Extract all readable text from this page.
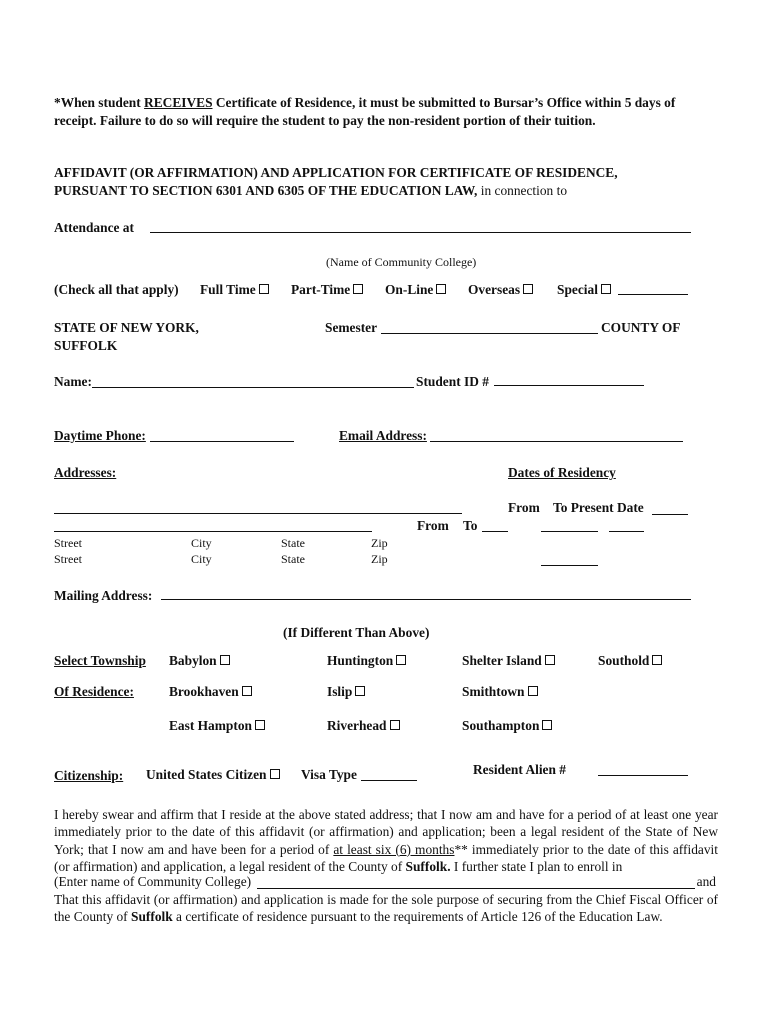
*When student RECEIVES Certificate of Residence, it must be submitted to Bursar’s Office within 5 days of receipt. Failure to do so will require the student to pay the non-resident portion of their tuition.
AFFIDAVIT (OR AFFIRMATION) AND APPLICATION FOR CERTIFICATE OF RESIDENCE,
PURSUANT TO SECTION 6301 AND 6305 OF THE EDUCATION LAW, in connection to
Attendance at
(Name of Community College)
(Check all that apply) Full Time	Part-Time	On-Line	Overseas	Special
STATE OF NEW YORK,
SUFFOLK
Semester	COUNTY OF
Name:	Student ID #
Daytime Phone:	Email Address:
Addresses:	Dates of Residency
From To Present Date
From To
Street	City	State	Zip
Street	City	State	Zip
Mailing Address:
(If Different Than Above)
Select Township
Of Residence:
Babylon	Huntington	Shelter Island	Southold
Brookhaven	Islip	Smithtown
East Hampton	Riverhead	Southampton
Citizenship: United States Citizen	Visa Type	Resident Alien #
I hereby swear and affirm that I reside at the above stated address; that I now am and have for a period of at least one year immediately prior to the date of this affidavit (or affirmation) and application; been a legal resident of the State of New York; that I now am and have been for a period of at least six (6) months** immediately prior to the date of this affidavit (or affirmation) and application, a legal resident of the County of Suffolk. I further state I plan to enroll in
(Enter name of Community College)	and
That this affidavit (or affirmation) and application is made for the sole purpose of securing from the Chief Fiscal Officer of the County of Suffolk a certificate of residence pursuant to the requirements of Article 126 of the Education Law.
